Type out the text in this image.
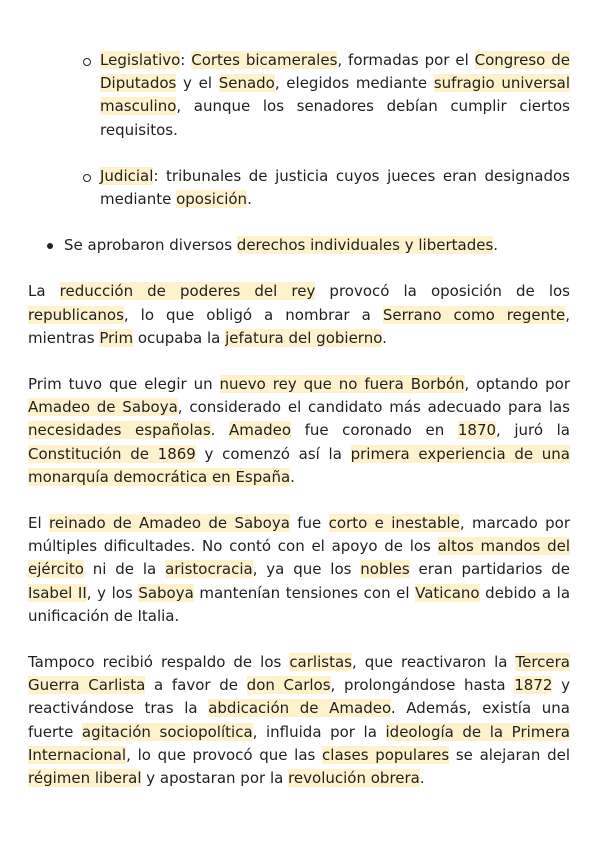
Legislativo: Cortes bicamerales, formadas por el Congreso de Diputados y el Senado, elegidos mediante sufragio universal masculino, aunque los senadores debían cumplir ciertos requisitos.
Judicial: tribunales de justicia cuyos jueces eran designados mediante oposición.
Se aprobaron diversos derechos individuales y libertades.

La reducción de poderes del rey provocó la oposición de los republicanos, lo que obligó a nombrar a Serrano como regente, mientras Prim ocupaba la jefatura del gobierno.

Prim tuvo que elegir un nuevo rey que no fuera Borbón, optando por Amadeo de Saboya, considerado el candidato más adecuado para las necesidades españolas. Amadeo fue coronado en 1870, juró la Constitución de 1869 y comenzó así la primera experiencia de una monarquía democrática en España.

El reinado de Amadeo de Saboya fue corto e inestable, marcado por múltiples dificultades. No contó con el apoyo de los altos mandos del ejército ni de la aristocracia, ya que los nobles eran partidarios de Isabel II, y los Saboya mantenían tensiones con el Vaticano debido a la unificación de Italia.

Tampoco recibió respaldo de los carlistas, que reactivaron la Tercera Guerra Carlista a favor de don Carlos, prolongándose hasta 1872 y reactivándose tras la abdicación de Amadeo. Además, existía una fuerte agitación sociopolítica, influida por la ideología de la Primera Internacional, lo que provocó que las clases populares se alejaran del régimen liberal y apostaran por la revolución obrera.
